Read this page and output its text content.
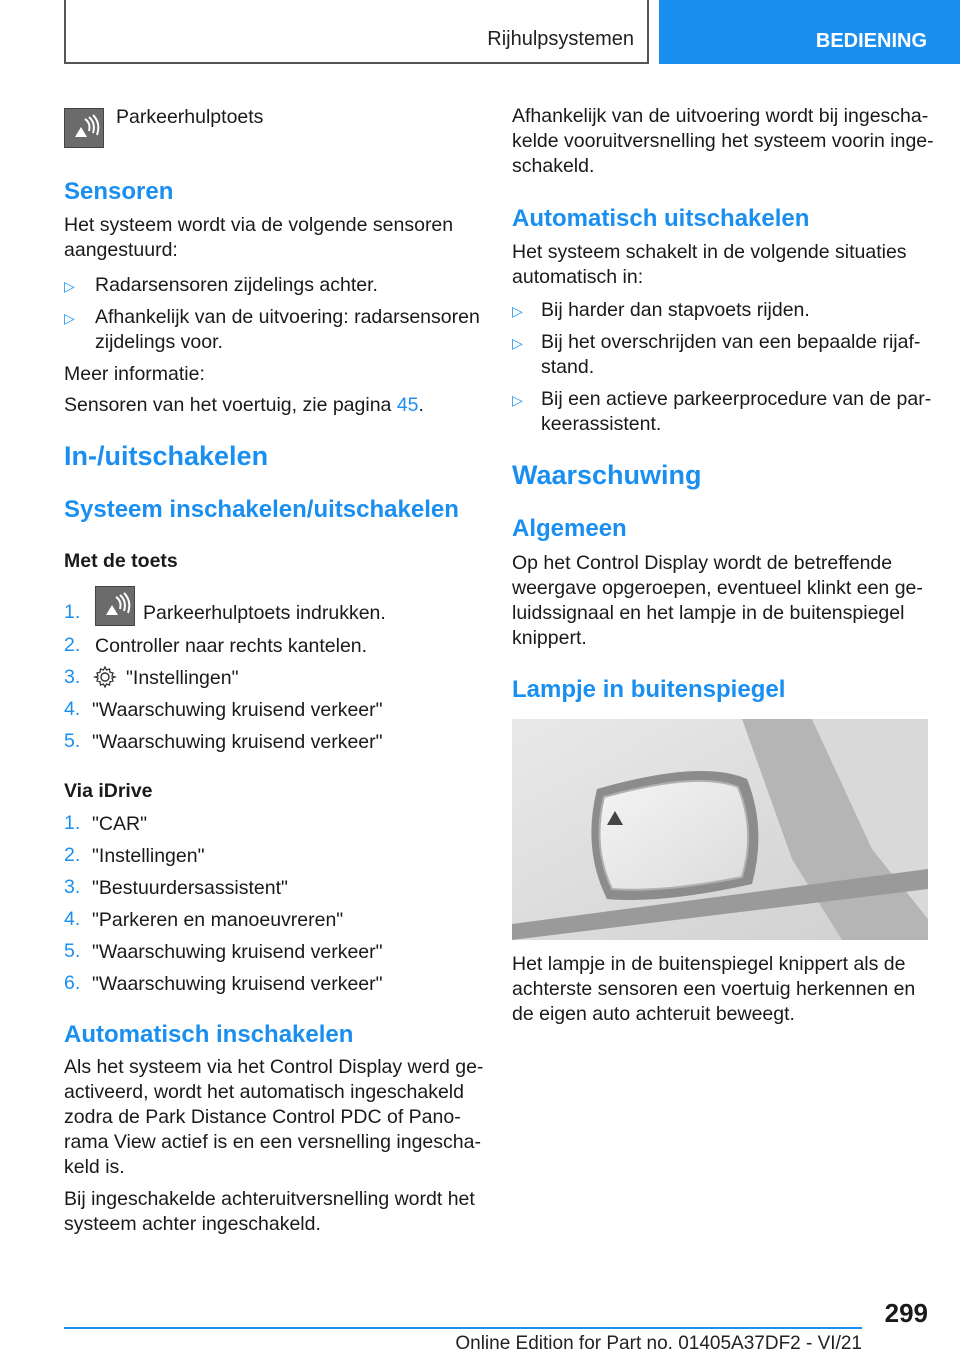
Rijhulpsystemen	BEDIENING

Parkeerhulptoets

Sensoren

Het systeem wordt via de volgende sensoren

aangestuurd:

▷ Radarsensoren zijdelings achter.

▷ Afhankelijk van de uitvoering: radarsensoren

zijdelings voor.

Meer informatie:

Sensoren van het voertuig, zie pagina 45.

In-/uitschakelen

Systeem inschakelen/uitschakelen

Met de toets

1.	Parkeerhulptoets indrukken.

2. Controller naar rechts kantelen.

3. "Instellingen"

4. "Waarschuwing kruisend verkeer"

5. "Waarschuwing kruisend verkeer"

Via iDrive

1. "CAR"

2. "Instellingen"

3. "Bestuurdersassistent"

4. "Parkeren en manoeuvreren"

5. "Waarschuwing kruisend verkeer"

6. "Waarschuwing kruisend verkeer"

Automatisch inschakelen

Als het systeem via het Control Display werd ge-

activeerd, wordt het automatisch ingeschakeld

zodra de Park Distance Control PDC of Pano-

rama View actief is en een versnelling ingescha-

keld is.

Bij ingeschakelde achteruitversnelling wordt het

systeem achter ingeschakeld.

Afhankelijk van de uitvoering wordt bij ingescha-

kelde vooruitversnelling het systeem voorin inge-

schakeld.

Automatisch uitschakelen

Het systeem schakelt in de volgende situaties

automatisch in:

▷ Bij harder dan stapvoets rijden.

▷ Bij het overschrijden van een bepaalde rijaf-

stand.

▷ Bij een actieve parkeerprocedure van de par-

keerassistent.

Waarschuwing

Algemeen

Op het Control Display wordt de betreffende

weergave opgeroepen, eventueel klinkt een ge-

luidssignaal en het lampje in de buitenspiegel

knippert.

Lampje in buitenspiegel

Het lampje in de buitenspiegel knippert als de

achterste sensoren een voertuig herkennen en

de eigen auto achteruit beweegt.

299
Online Edition for Part no. 01405A37DF2 - VI/21
